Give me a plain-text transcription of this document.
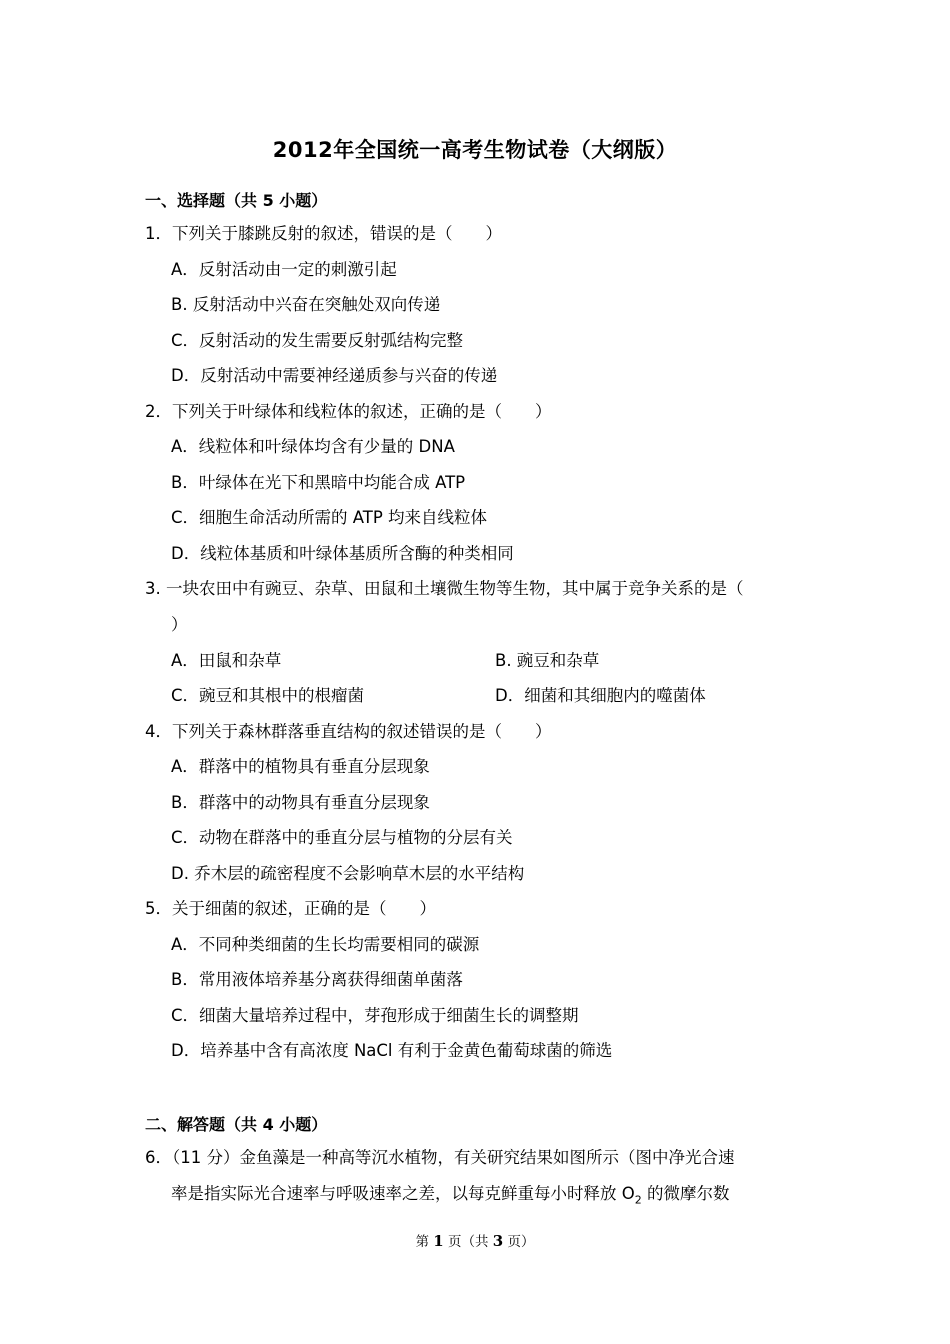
2012年全国统一高考生物试卷（大纲版）
一、选择题（共 5 小题）
1．下列关于膝跳反射的叙述，错误的是（　　）
A．反射活动由一定的刺激引起
B. 反射活动中兴奋在突触处双向传递
C．反射活动的发生需要反射弧结构完整
D．反射活动中需要神经递质参与兴奋的传递
2．下列关于叶绿体和线粒体的叙述，正确的是（　　）
A．线粒体和叶绿体均含有少量的 DNA
B．叶绿体在光下和黑暗中均能合成 ATP
C．细胞生命活动所需的 ATP 均来自线粒体
D．线粒体基质和叶绿体基质所含酶的种类相同
3. 一块农田中有豌豆、杂草、田鼠和土壤微生物等生物，其中属于竞争关系的是（
）
A．田鼠和杂草	B. 豌豆和杂草
C．豌豆和其根中的根瘤菌	D．细菌和其细胞内的噬菌体
4．下列关于森林群落垂直结构的叙述错误的是（　　）
A．群落中的植物具有垂直分层现象
B．群落中的动物具有垂直分层现象
C．动物在群落中的垂直分层与植物的分层有关
D. 乔木层的疏密程度不会影响草木层的水平结构
5．关于细菌的叙述，正确的是（　　）
A．不同种类细菌的生长均需要相同的碳源
B．常用液体培养基分离获得细菌单菌落
C．细菌大量培养过程中，芽孢形成于细菌生长的调整期
D．培养基中含有高浓度 NaCl 有利于金黄色葡萄球菌的筛选
二、解答题（共 4 小题）
6．（11 分）金鱼藻是一种高等沉水植物，有关研究结果如图所示（图中净光合速
率是指实际光合速率与呼吸速率之差，以每克鲜重每小时释放 $O_2$ 的微摩尔数
第 1 页（共 3 页）
